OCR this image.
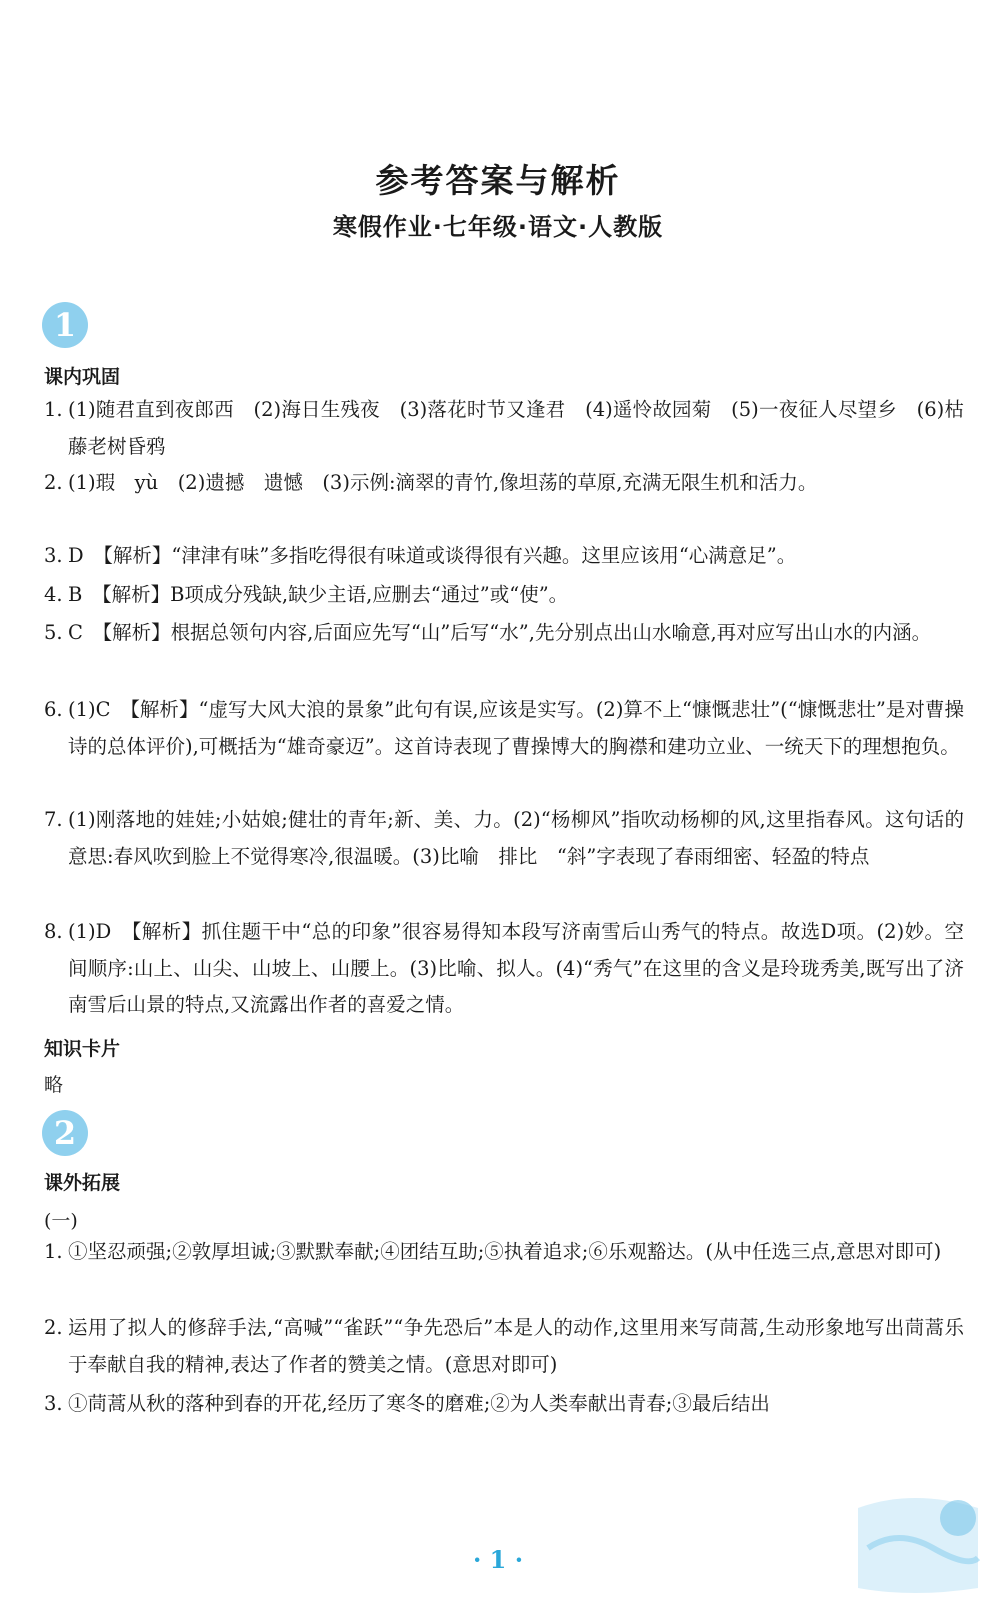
参考答案与解析
寒假作业·七年级·语文·人教版
1
课内巩固
1. (1)随君直到夜郎西　(2)海日生残夜　(3)落花时节又逢君　(4)遥怜故园菊　(5)一夜征人尽望乡　(6)枯藤老树昏鸦
2. (1)瑕　yù　(2)遗撼　遗憾　(3)示例:滴翠的青竹,像坦荡的草原,充满无限生机和活力。
3. D　【解析】“津津有味”多指吃得很有味道或谈得很有兴趣。这里应该用“心满意足”。
4. B　【解析】B项成分残缺,缺少主语,应删去“通过”或“使”。
5. C　【解析】根据总领句内容,后面应先写“山”后写“水”,先分别点出山水喻意,再对应写出山水的内涵。
6. (1)C　【解析】“虚写大风大浪的景象”此句有误,应该是实写。(2)算不上“慷慨悲壮”(“慷慨悲壮”是对曹操诗的总体评价),可概括为“雄奇豪迈”。这首诗表现了曹操博大的胸襟和建功立业、一统天下的理想抱负。
7. (1)刚落地的娃娃;小姑娘;健壮的青年;新、美、力。(2)“杨柳风”指吹动杨柳的风,这里指春风。这句话的意思:春风吹到脸上不觉得寒冷,很温暖。(3)比喻　排比　“斜”字表现了春雨细密、轻盈的特点
8. (1)D　【解析】抓住题干中“总的印象”很容易得知本段写济南雪后山秀气的特点。故选D项。(2)妙。空间顺序:山上、山尖、山坡上、山腰上。(3)比喻、拟人。(4)“秀气”在这里的含义是玲珑秀美,既写出了济南雪后山景的特点,又流露出作者的喜爱之情。
知识卡片
略
2
课外拓展
(一)
1. ①坚忍顽强;②敦厚坦诚;③默默奉献;④团结互助;⑤执着追求;⑥乐观豁达。(从中任选三点,意思对即可)
2. 运用了拟人的修辞手法,“高喊”“雀跃”“争先恐后”本是人的动作,这里用来写茼蒿,生动形象地写出茼蒿乐于奉献自我的精神,表达了作者的赞美之情。(意思对即可)
3. ①茼蒿从秋的落种到春的开花,经历了寒冬的磨难;②为人类奉献出青春;③最后结出
· 1 ·
